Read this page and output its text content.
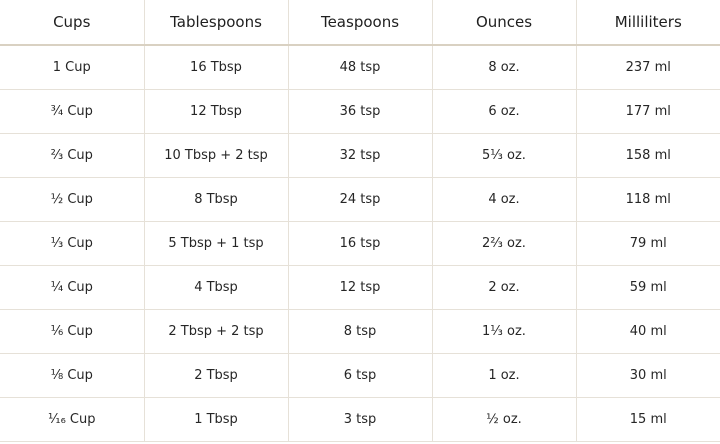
Cups	Tablespoons	Teaspoons	Ounces	Milliliters
1 Cup	16 Tbsp	48 tsp	8 oz.	237 ml
¾ Cup	12 Tbsp	36 tsp	6 oz.	177 ml
⅔ Cup	10 Tbsp + 2 tsp	32 tsp	5⅓ oz.	158 ml
½ Cup	8 Tbsp	24 tsp	4 oz.	118 ml
⅓ Cup	5 Tbsp + 1 tsp	16 tsp	2⅔ oz.	79 ml
¼ Cup	4 Tbsp	12 tsp	2 oz.	59 ml
⅙ Cup	2 Tbsp + 2 tsp	8 tsp	1⅓ oz.	40 ml
⅛ Cup	2 Tbsp	6 tsp	1 oz.	30 ml
¹⁄₁₆ Cup	1 Tbsp	3 tsp	½ oz.	15 ml
